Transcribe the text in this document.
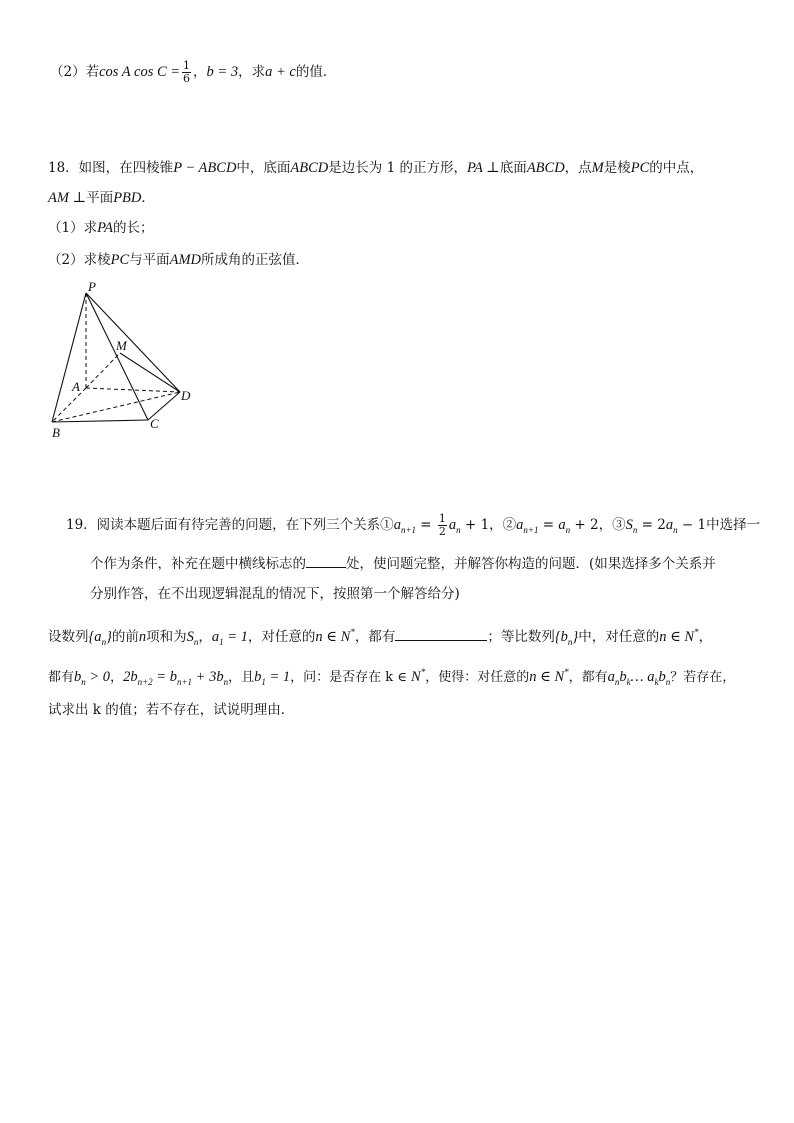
（2）若cos A $\cos C = \frac{1}{6}$ ，b = 3，求a + c的值．
18．如图，在四棱锥P − ABCD中，底面ABCD是边长为 1 的正方形，PA ⊥底面ABCD，点M是棱PC的中点，
AM ⊥平面PBD．
（1）求PA的长；
（2）求棱PC与平面AMD所成角的正弦值．
P
M
A
D
B
C
19．阅读本题后面有待完善的问题，在下列三个关系$①a_{n+1} = \frac{1}{2} a_n + 1$，$②a_{n+1} = a_n + 2$，$③S_n = 2a_n - 1$中选择一
个作为条件，补充在题中横线标志的	处，使问题完整，并解答你构造的问题．(如果选择多个关系并
分别作答，在不出现逻辑混乱的情况下，按照第一个解答给分)
设数列$\{a_n\}$的前n项和为$S_n$，$a_1 = 1$，对任意的n ∈ N*，都有	；等比数列$\{b_n\}$中，对任意的n ∈ N*，
都有$b_n > 0$，$2b_{n+2} = b_{n+1} + 3b_n$，且$b_1 = 1$，问：是否存在 k ∈ N*，使得：对任意的n ∈ N*，都有$a_nb_k\dots$ $a_kb_n$？若存在，
试求出 k 的值；若不存在，试说明理由．
